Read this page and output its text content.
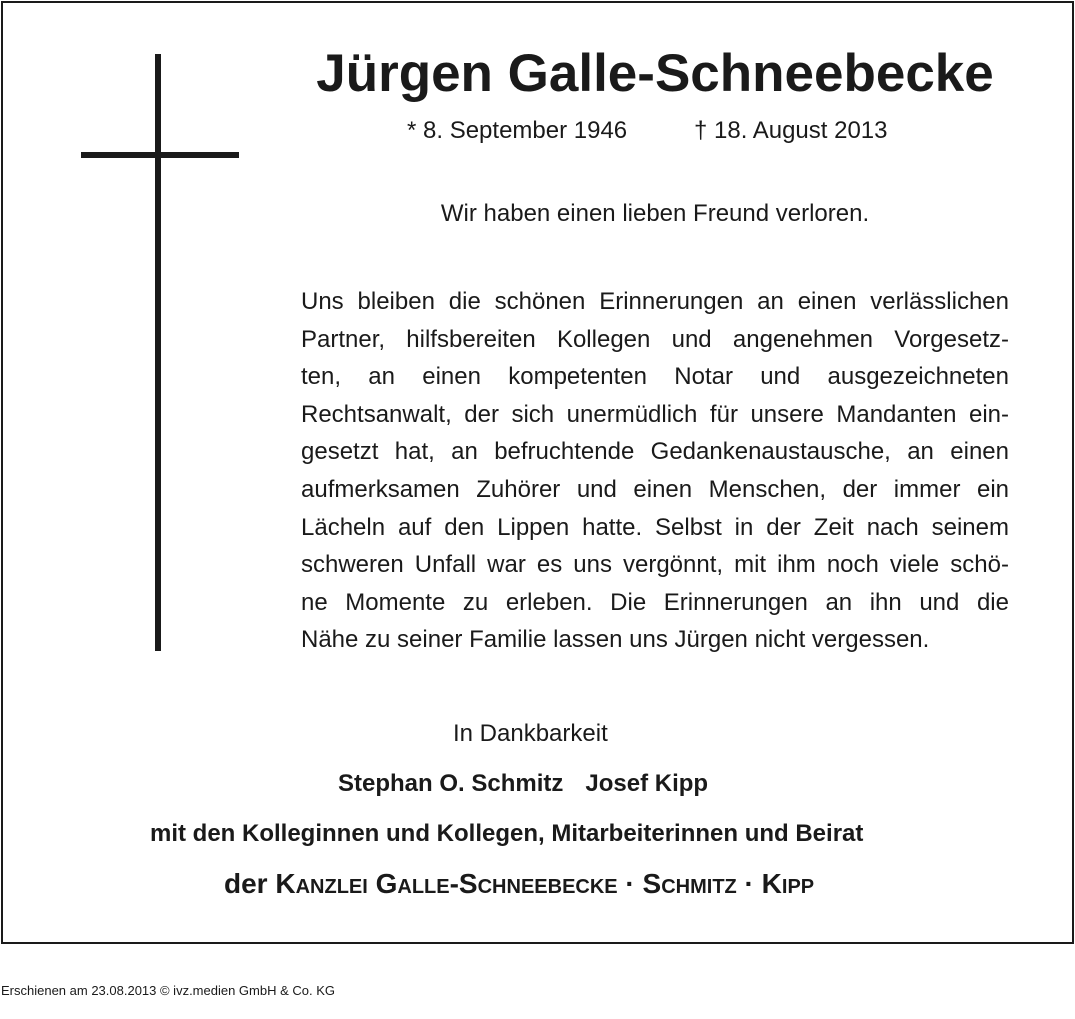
Jürgen Galle-Schneebecke
* 8. September 1946	† 18. August 2013
Wir haben einen lieben Freund verloren.
Uns bleiben die schönen Erinnerungen an einen verlässlichen
Partner, hilfsbereiten Kollegen und angenehmen Vorgesetz-
ten, an einen kompetenten Notar und ausgezeichneten
Rechtsanwalt, der sich unermüdlich für unsere Mandanten ein-
gesetzt hat, an befruchtende Gedankenaustausche, an einen
aufmerksamen Zuhörer und einen Menschen, der immer ein
Lächeln auf den Lippen hatte. Selbst in der Zeit nach seinem
schweren Unfall war es uns vergönnt, mit ihm noch viele schö-
ne Momente zu erleben. Die Erinnerungen an ihn und die
Nähe zu seiner Familie lassen uns Jürgen nicht vergessen.
In Dankbarkeit
Stephan O. Schmitz Josef Kipp
mit den Kolleginnen und Kollegen, Mitarbeiterinnen und Beirat
der KANZLEI GALLE-SCHNEEBECKE · SCHMITZ · KIPP
Erschienen am 23.08.2013 © ivz.medien GmbH & Co. KG
